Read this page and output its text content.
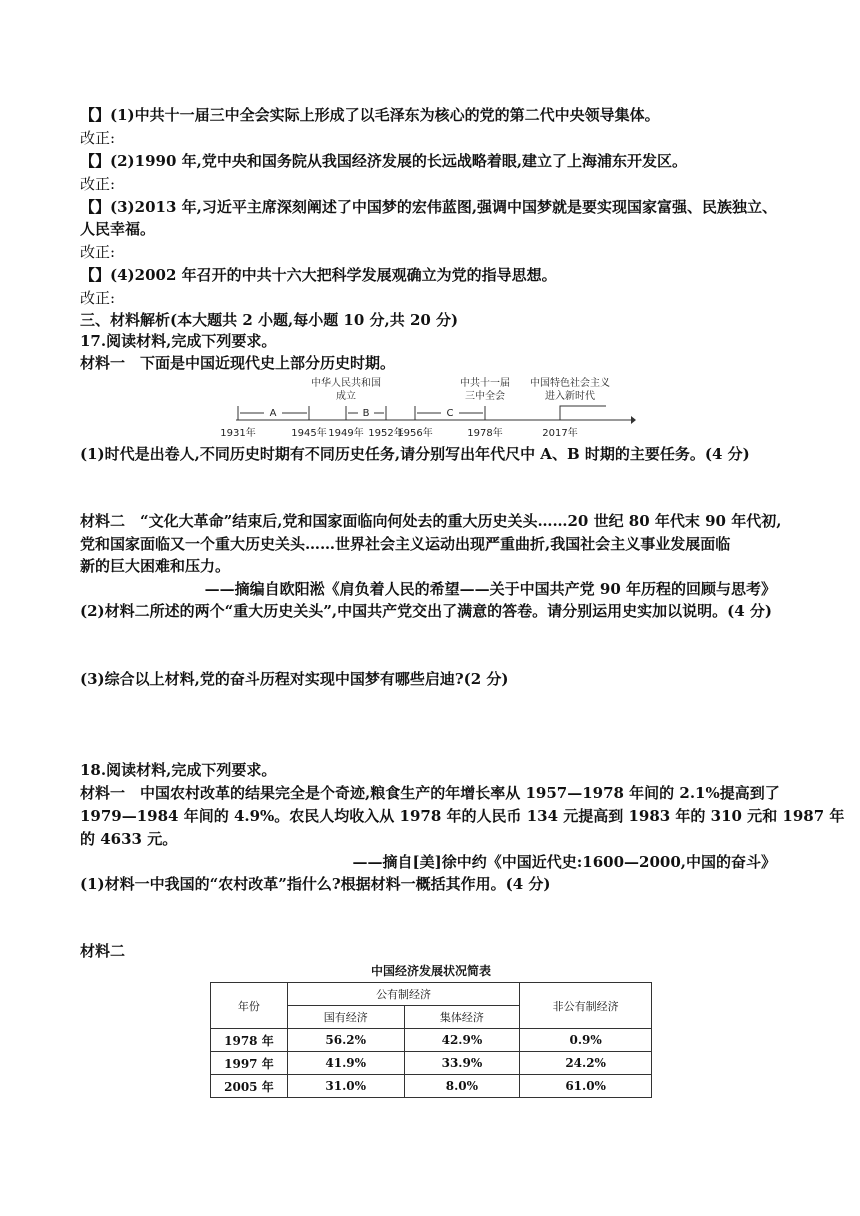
【】(1)中共十一届三中全会实际上形成了以毛泽东为核心的党的第二代中央领导集体。
改正:
【】(2)1990 年,党中央和国务院从我国经济发展的长远战略着眼,建立了上海浦东开发区。
改正:
【】(3)2013 年,习近平主席深刻阐述了中国梦的宏伟蓝图,强调中国梦就是要实现国家富强、民族独立、
人民幸福。
改正:
【】(4)2002 年召开的中共十六大把科学发展观确立为党的指导思想。
改正:
三、材料解析(本大题共 2 小题,每小题 10 分,共 20 分)
17.阅读材料,完成下列要求。
材料一　下面是中国近现代史上部分历史时期。
中华人民共和国
成立
中共十一届
三中全会
中国特色社会主义
进入新时代
A	B	C
1931年	1945年 1949年 1952年
1956年	1978年	2017年
(1)时代是出卷人,不同历史时期有不同历史任务,请分别写出年代尺中 A、B 时期的主要任务。(4 分)
材料二　“文化大革命”结束后,党和国家面临向何处去的重大历史关头……20 世纪 80 年代末 90 年代初,
党和国家面临又一个重大历史关头……世界社会主义运动出现严重曲折,我国社会主义事业发展面临
新的巨大困难和压力。
——摘编自欧阳淞《肩负着人民的希望——关于中国共产党 90 年历程的回顾与思考》
(2)材料二所述的两个“重大历史关头”,中国共产党交出了满意的答卷。请分别运用史实加以说明。(4 分)
(3)综合以上材料,党的奋斗历程对实现中国梦有哪些启迪?(2 分)
18.阅读材料,完成下列要求。
材料一　中国农村改革的结果完全是个奇迹,粮食生产的年增长率从 1957—1978 年间的 2.1%提高到了
1979—1984 年间的 4.9%。农民人均收入从 1978 年的人民币 134 元提高到 1983 年的 310 元和 1987 年
的 4633 元。
——摘自[美]徐中约《中国近代史:1600—2000,中国的奋斗》
(1)材料一中我国的“农村改革”指什么?根据材料一概括其作用。(4 分)
材料二
中国经济发展状况简表
年份	公有制经济		非公有制经济
	国有经济	集体经济	
1978 年	56.2%	42.9%	0.9%
1997 年	41.9%	33.9%	24.2%
2005 年	31.0%	8.0%	61.0%
